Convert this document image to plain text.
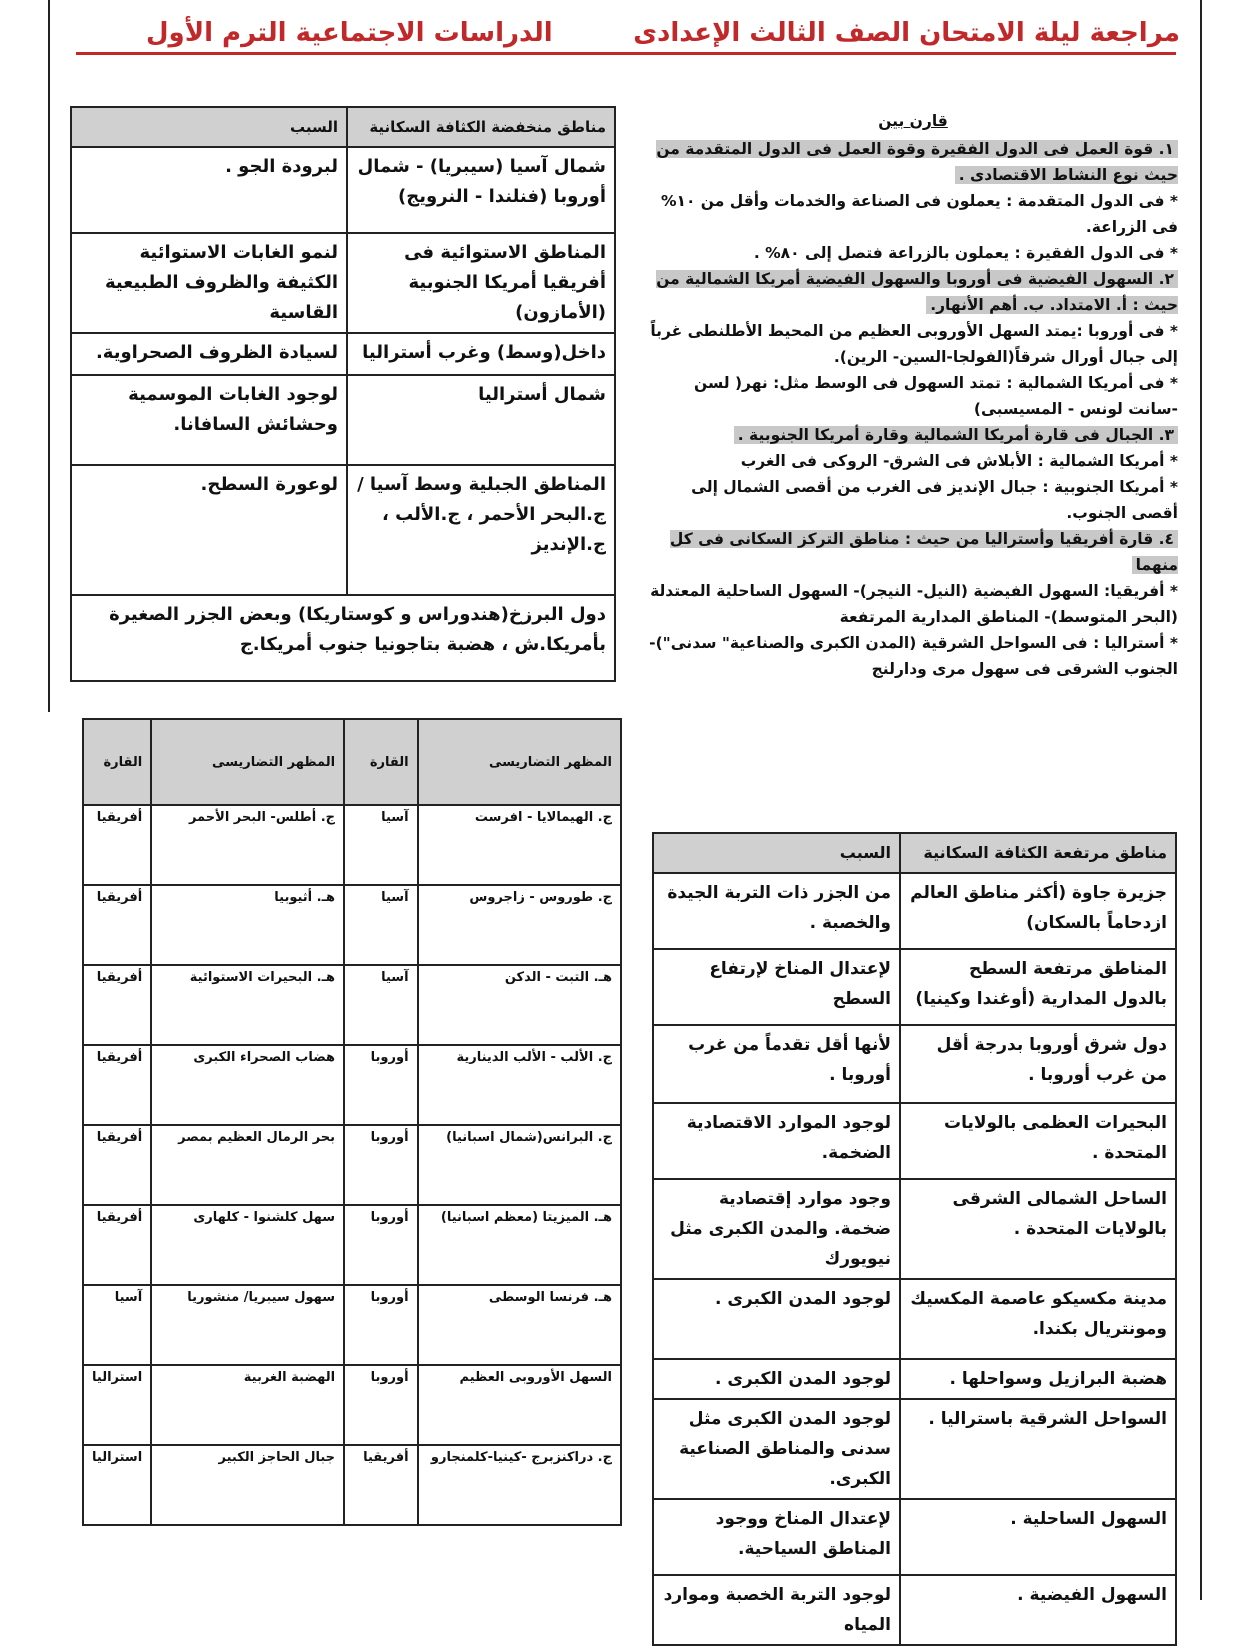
مراجعة ليلة الامتحان الصف الثالث الإعدادى
الدراسات الاجتماعية الترم الأول

قارن بين

١. قوة العمل فى الدول الفقيرة وقوة العمل فى الدول المتقدمة من حيث نوع النشاط الاقتصادى .

* فى الدول المتقدمة : يعملون فى الصناعة والخدمات وأقل من ١٠% فى الزراعة.

* فى الدول الفقيرة : يعملون بالزراعة فتصل إلى ٨٠% .

٢. السهول الفيضية فى أوروبا والسهول الفيضية أمريكا الشمالية من حيث : أ. الامتداد. ب. أهم الأنهار.

* فى أوروبا :يمتد السهل الأوروبى العظيم من المحيط الأطلنطى غرباً إلى جبال أورال شرقاً(الفولجا-السين- الرين).

* فى أمريكا الشمالية : تمتد السهول فى الوسط مثل: نهر( لسن -سانت لونس - المسيسبى)

٣. الجبال فى قارة أمريكا الشمالية وقارة أمريكا الجنوبية .

* أمريكا الشمالية : الأبلاش فى الشرق- الروكى فى الغرب

* أمريكا الجنوبية : جبال الإنديز فى الغرب من أقصى الشمال إلى أقصى الجنوب.

٤. قارة أفريقيا وأستراليا من حيث : مناطق التركز السكانى فى كل منهما

* أفريقيا: السهول الفيضية (النيل- النيجر)- السهول الساحلية المعتدلة (البحر المتوسط)- المناطق المدارية المرتفعة

* أستراليا : فى السواحل الشرقية (المدن الكبرى والصناعية" سدنى")- الجنوب الشرقى فى سهول مرى ودارلنج

مناطق منخفضة الكثافة السكانية	السبب
شمال آسيا (سيبريا) - شمال أوروبا (فنلندا - النرويج)	لبرودة الجو .
المناطق الاستوائية فى أفريقيا أمريكا الجنوبية (الأمازون)	لنمو الغابات الاستوائية الكثيفة والظروف الطبيعية القاسية
داخل(وسط) وغرب أستراليا	لسيادة الظروف الصحراوية.
شمال أستراليا	لوجود الغابات الموسمية وحشائش السافانا.
المناطق الجبلية وسط آسيا /ج.البحر الأحمر ، ج.الألب ، ج.الإنديز	لوعورة السطح.
دول البرزخ(هندوراس و كوستاريكا) وبعض الجزر الصغيرة بأمريكا.ش ، هضبة بتاجونيا جنوب أمريكا.ج	
مناطق مرتفعة الكثافة السكانية	السبب
جزيرة جاوة (أكثر مناطق العالم ازدحاماً بالسكان)	من الجزر ذات التربة الجيدة والخصبة .
المناطق مرتفعة السطح بالدول المدارية (أوغندا وكينيا)	لإعتدال المناخ لإرتفاع السطح
دول شرق أوروبا بدرجة أقل من غرب أوروبا .	لأنها أقل تقدماً من غرب أوروبا .
البحيرات العظمى بالولايات المتحدة .	لوجود الموارد الاقتصادية الضخمة.
الساحل الشمالى الشرقى بالولايات المتحدة .	وجود موارد إقتصادية ضخمة. والمدن الكبرى مثل نيويورك
مدينة مكسيكو عاصمة المكسيك ومونتريال بكندا.	لوجود المدن الكبرى .
هضبة البرازيل وسواحلها .	لوجود المدن الكبرى .
السواحل الشرقية باستراليا .	لوجود المدن الكبرى مثل سدنى والمناطق الصناعية الكبرى.
السهول الساحلية .	لإعتدال المناخ ووجود المناطق السياحية.
السهول الفيضية .	لوجود التربة الخصبة وموارد المياه
المظهر التضاريسى	القارة	المظهر التضاريسى	القارة
ج. الهيمالايا - افرست	آسيا	ج. أطلس- البحر الأحمر	أفريقيا
ج. طوروس - زاجروس	آسيا	هـ. أثيوبيا	أفريقيا
هـ. التبت - الدكن	آسيا	هـ. البحيرات الاستوائية	أفريقيا
ج. الألب - الألب الدينارية	أوروبا	هضاب الصحراء الكبرى	أفريقيا
ج. البرانس(شمال اسبانيا)	أوروبا	بحر الرمال العظيم بمصر	أفريقيا
هـ. الميزيتا (معظم اسبانيا)	أوروبا	سهل كلشنوا - كلهارى	أفريقيا
هـ. فرنسا الوسطى	أوروبا	سهول سيبريا/ منشوريا	آسيا
السهل الأوروبى العظيم	أوروبا	الهضبة الغربية	استراليا
ج. دراكنزبرج -كينيا-كلمنجارو	أفريقيا	جبال الحاجز الكبير	استراليا
